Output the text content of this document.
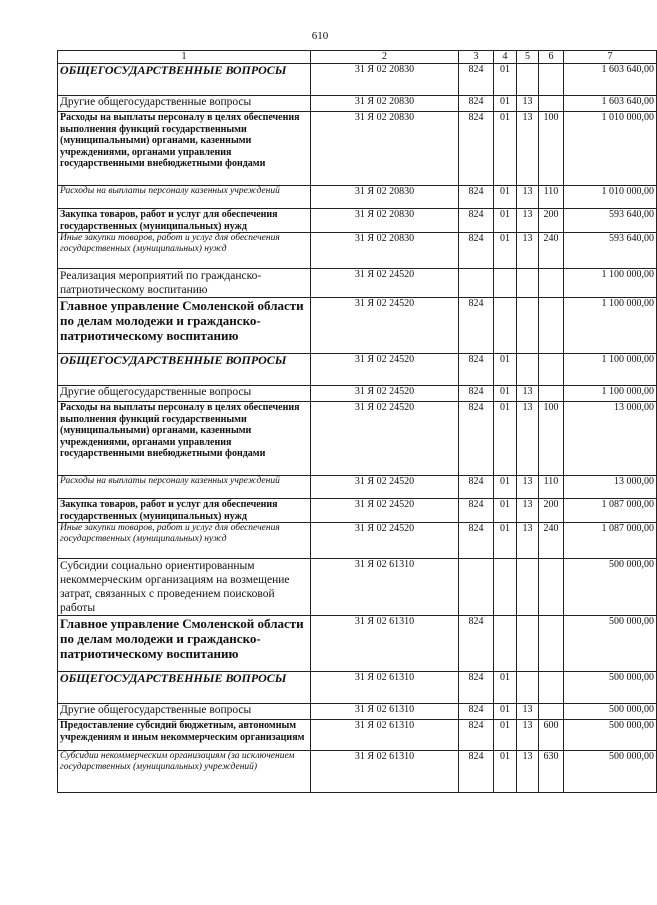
610
1	2	3	4	5	6	7
ОБЩЕГОСУДАРСТВЕННЫЕ ВОПРОСЫ	31 Я 02 20830	824	01			1 603 640,00
Другие общегосударственные вопросы	31 Я 02 20830	824	01	13		1 603 640,00
Расходы на выплаты персоналу в целях обеспечения выполнения функций государственными (муниципальными) органами, казенными учреждениями, органами управления государственными внебюджетными фондами	31 Я 02 20830	824	01	13	100	1 010 000,00
Расходы на выплаты персоналу казенных учреждений	31 Я 02 20830	824	01	13	110	1 010 000,00
Закупка товаров, работ и услуг для обеспечения государственных (муниципальных) нужд	31 Я 02 20830	824	01	13	200	593 640,00
Иные закупки товаров, работ и услуг для обеспечения государственных (муниципальных) нужд	31 Я 02 20830	824	01	13	240	593 640,00
Реализация мероприятий по гражданско-патриотическому воспитанию	31 Я 02 24520					1 100 000,00
Главное управление Смоленской области по делам молодежи и гражданско-патриотическому воспитанию	31 Я 02 24520	824				1 100 000,00
ОБЩЕГОСУДАРСТВЕННЫЕ ВОПРОСЫ	31 Я 02 24520	824	01			1 100 000,00
Другие общегосударственные вопросы	31 Я 02 24520	824	01	13		1 100 000,00
Расходы на выплаты персоналу в целях обеспечения выполнения функций государственными (муниципальными) органами, казенными учреждениями, органами управления государственными внебюджетными фондами	31 Я 02 24520	824	01	13	100	13 000,00
Расходы на выплаты персоналу казенных учреждений	31 Я 02 24520	824	01	13	110	13 000,00
Закупка товаров, работ и услуг для обеспечения государственных (муниципальных) нужд	31 Я 02 24520	824	01	13	200	1 087 000,00
Иные закупки товаров, работ и услуг для обеспечения государственных (муниципальных) нужд	31 Я 02 24520	824	01	13	240	1 087 000,00
Субсидии социально ориентированным некоммерческим организациям на возмещение затрат, связанных с проведением поисковой работы	31 Я 02 61310					500 000,00
Главное управление Смоленской области по делам молодежи и гражданско-патриотическому воспитанию	31 Я 02 61310	824				500 000,00
ОБЩЕГОСУДАРСТВЕННЫЕ ВОПРОСЫ	31 Я 02 61310	824	01			500 000,00
Другие общегосударственные вопросы	31 Я 02 61310	824	01	13		500 000,00
Предоставление субсидий бюджетным, автономным учреждениям и иным некоммерческим организациям	31 Я 02 61310	824	01	13	600	500 000,00
Субсидии некоммерческим организациям (за исключением государственных (муниципальных) учреждений)	31 Я 02 61310	824	01	13	630	500 000,00
